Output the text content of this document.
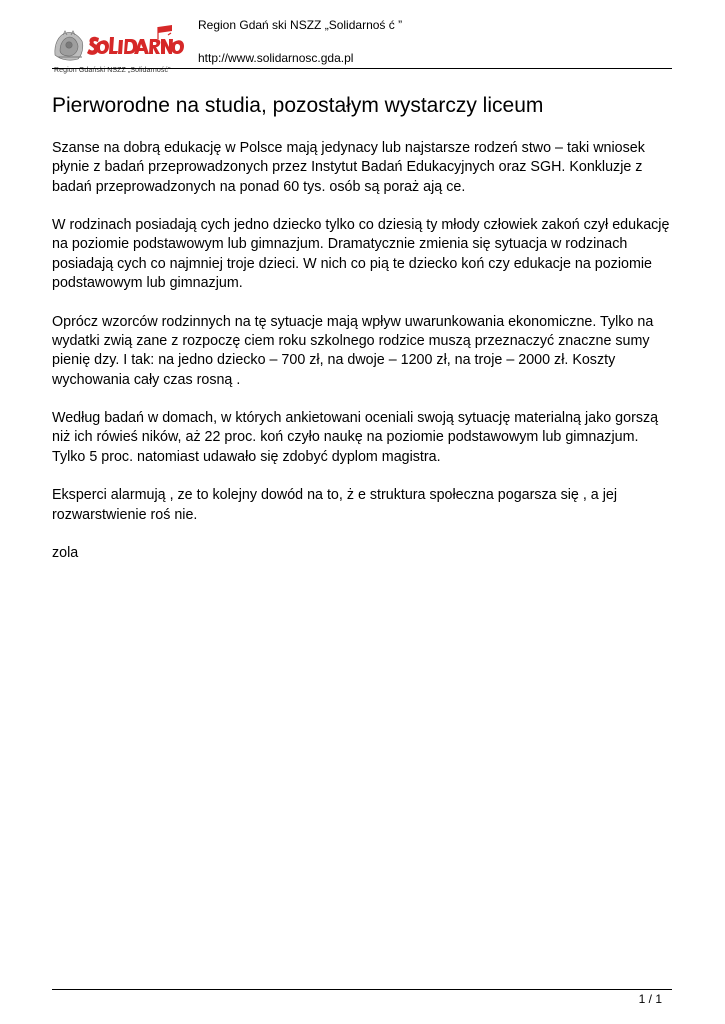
Region Gdański NSZZ „Solidarność”
Region Gdań ski NSZZ „Solidarnoś ć ”
http://www.solidarnosc.gda.pl
Pierworodne na studia, pozostałym wystarczy liceum

Szanse na dobrą edukację w Polsce mają jedynacy lub najstarsze rodzeń stwo – taki wniosek
płynie z badań przeprowadzonych przez Instytut Badań Edukacyjnych oraz SGH. Konkluzje z
badań przeprowadzonych na ponad 60 tys. osób są poraż ają ce.

W rodzinach posiadają cych jedno dziecko tylko co dziesią ty młody człowiek zakoń czył edukację
na poziomie podstawowym lub gimnazjum. Dramatycznie zmienia się sytuacja w rodzinach
posiadają cych co najmniej troje dzieci. W nich co pią te dziecko koń czy edukacje na poziomie
podstawowym lub gimnazjum.

Oprócz wzorców rodzinnych na tę sytuacje mają wpływ uwarunkowania ekonomiczne. Tylko na
wydatki zwią zane z rozpoczę ciem roku szkolnego rodzice muszą przeznaczyć znaczne sumy
pienię dzy. I tak: na jedno dziecko – 700 zł, na dwoje – 1200 zł, na troje – 2000 zł. Koszty
wychowania cały czas rosną .

Według badań w domach, w których ankietowani oceniali swoją sytuację materialną jako gorszą
niż ich rówieś ników, aż 22 proc. koń czyło naukę na poziomie podstawowym lub gimnazjum.
Tylko 5 proc. natomiast udawało się zdobyć dyplom magistra.

Eksperci alarmują , ze to kolejny dowód na to, ż e struktura społeczna pogarsza się , a jej
rozwarstwienie roś nie.

zola

1 / 1
